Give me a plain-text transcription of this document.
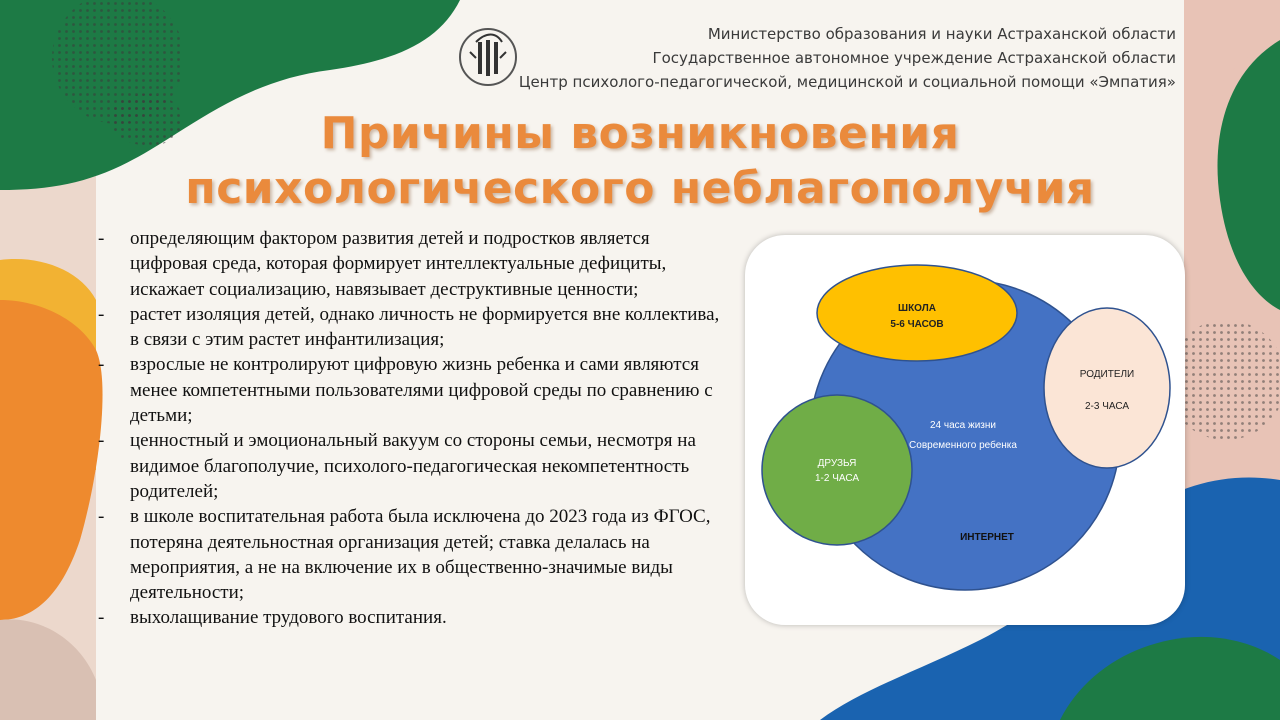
Министерство образования и науки Астраханской области
Государственное автономное учреждение Астраханской области
Центр психолого-педагогической, медицинской и социальной помощи «Эмпатия»
Причины возникновения
психологического неблагополучия
- определяющим фактором развития детей и подростков является цифровая среда, которая формирует интеллектуальные дефициты, искажает социализацию, навязывает деструктивные ценности;
- растет изоляция детей, однако личность не формируется вне коллектива, в связи с этим растет инфантилизация;
- взрослые не контролируют цифровую жизнь ребенка и сами являются менее компетентными пользователями цифровой среды по сравнению с детьми;
- ценностный и эмоциональный вакуум со стороны семьи, несмотря на видимое благополучие, психолого-педагогическая некомпетентность родителей;
- в школе воспитательная работа была исключена до 2023 года из ФГОС, потеряна деятельностная организация детей; ставка делалась на мероприятия, а не на включение их в общественно-значимые виды деятельности;
- выхолащивание трудового воспитания.
ШКОЛА
5-6 ЧАСОВ
РОДИТЕЛИ
2-3 ЧАСА
ДРУЗЬЯ
1-2 ЧАСА
24 часа жизни
Современного ребенка
ИНТЕРНЕТ
